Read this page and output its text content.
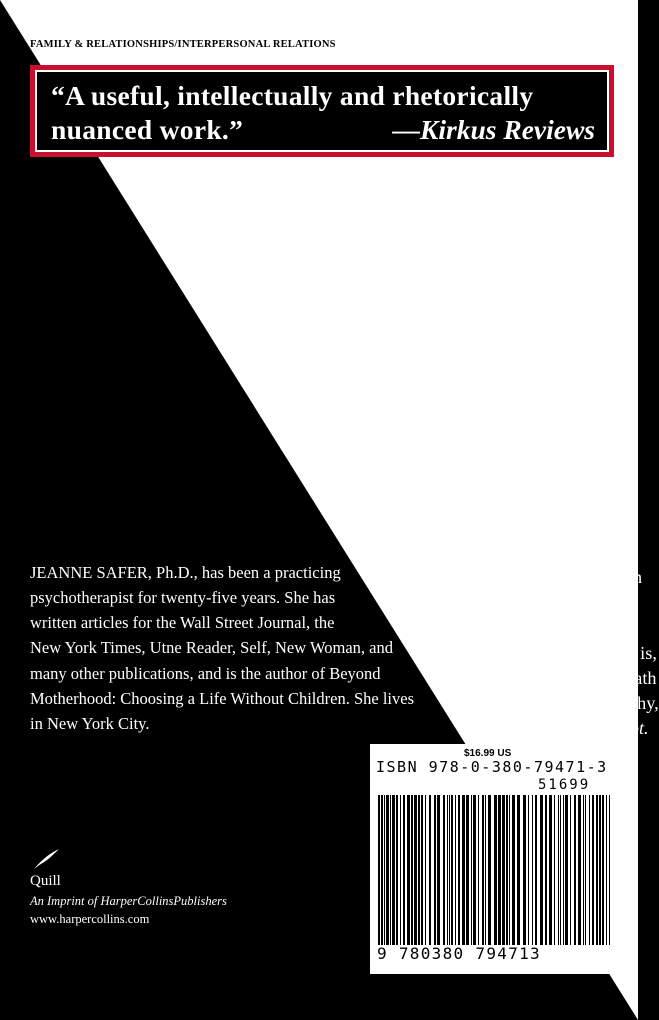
FAMILY & RELATIONSHIPS/INTERPERSONAL RELATIONS
“A useful, intellectually and rhetorically
nuanced work.”	—Kirkus Reviews
In our culture the belief that “To err is human, to forgive
divine,” is so prevalent that few of us question its wisdom.
But do we ever completely forgive those who have
betrayed us? Aren’t some actions unforgivable? Can we
achieve closure and healing without forgiving?
Drawing on more than two decades of work as a
practicing psychotherapist, more than fifty in-
depth interviews, and sterling research into the
concept of forgiveness in our society, Dr.
Jeanne Safer challenges popular opinion
with her own searching answers to these
and other questions. The result is a
penetrating look at what is often a
lonely, and perhaps unnecessary,
struggle to forgive those who
have hurt us the most and an
illuminating examination
of how to determine
whether forgiveness is,
indeed, the best path
to take—and why,
often, it is not.
“Jeanne Safer
offers a brave
and compassionate
voice on a taboo
subject with insight
and clarity. Memorably
engrossing, this book
offers support and guidance
to an often bewildering
human emotional process.”
—Susan Forward, Ph.D., author of
When Your Lover Is a Liar and Toxic
Parents
JEANNE SAFER, Ph.D., has been a practicing
psychotherapist for twenty-five years. She has
written articles for the Wall Street Journal, the
New York Times, Utne Reader, Self, New Woman, and
many other publications, and is the author of Beyond
Motherhood: Choosing a Life Without Children. She lives
in New York City.
Quill
An Imprint of HarperCollinsPublishers
www.harpercollins.com
$16.99 US
ISBN 978-0-380-79471-3
51699
9 780380 794713
